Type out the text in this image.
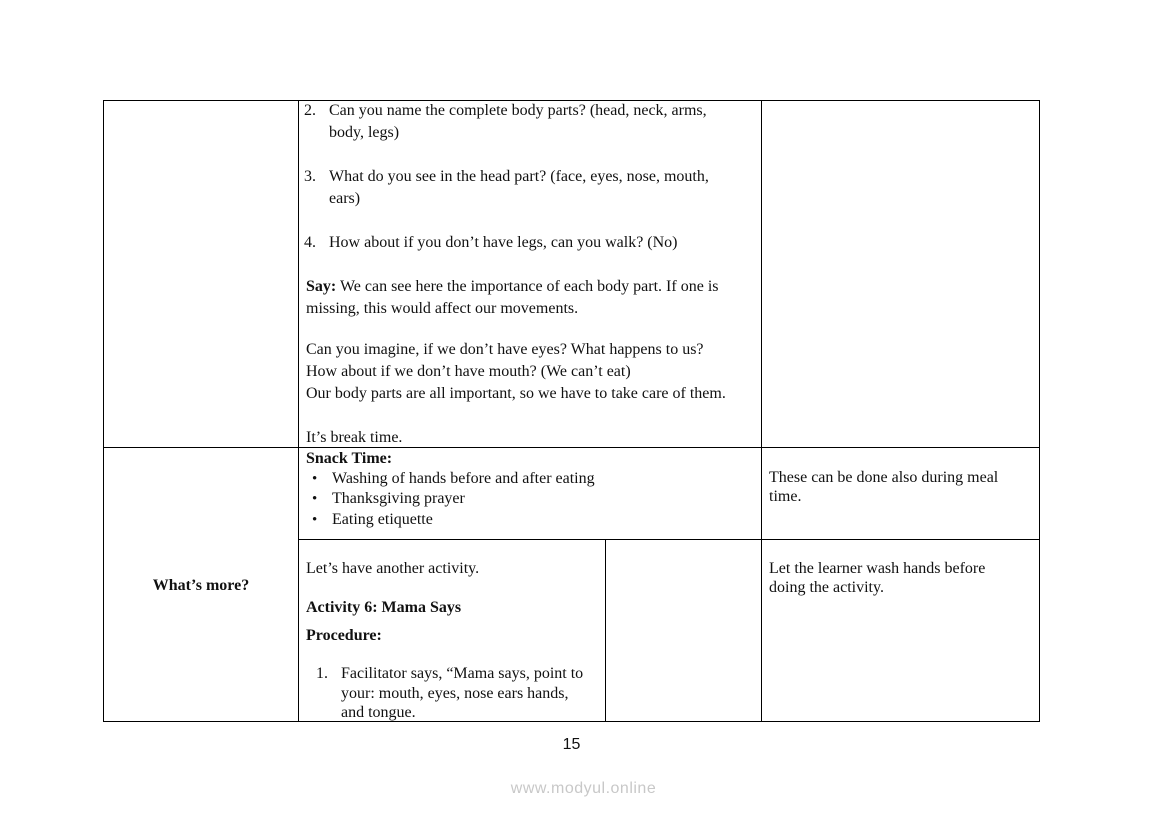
2. Can you name the complete body parts? (head, neck, arms,
body, legs)
3. What do you see in the head part? (face, eyes, nose, mouth,
ears)
4. How about if you don’t have legs, can you walk? (No)
Say: We can see here the importance of each body part. If one is
missing, this would affect our movements.
Can you imagine, if we don’t have eyes? What happens to us?
How about if we don’t have mouth? (We can’t eat)
Our body parts are all important, so we have to take care of them.
It’s break time.
Snack Time:
• Washing of hands before and after eating
• Thanksgiving prayer
• Eating etiquette
These can be done also during meal
time.
What’s more?
Let’s have another activity.
Activity 6: Mama Says
Procedure:
1. Facilitator says, “Mama says, point to
your: mouth, eyes, nose ears hands,
and tongue.
Let the learner wash hands before
doing the activity.
15
www.modyul.online
